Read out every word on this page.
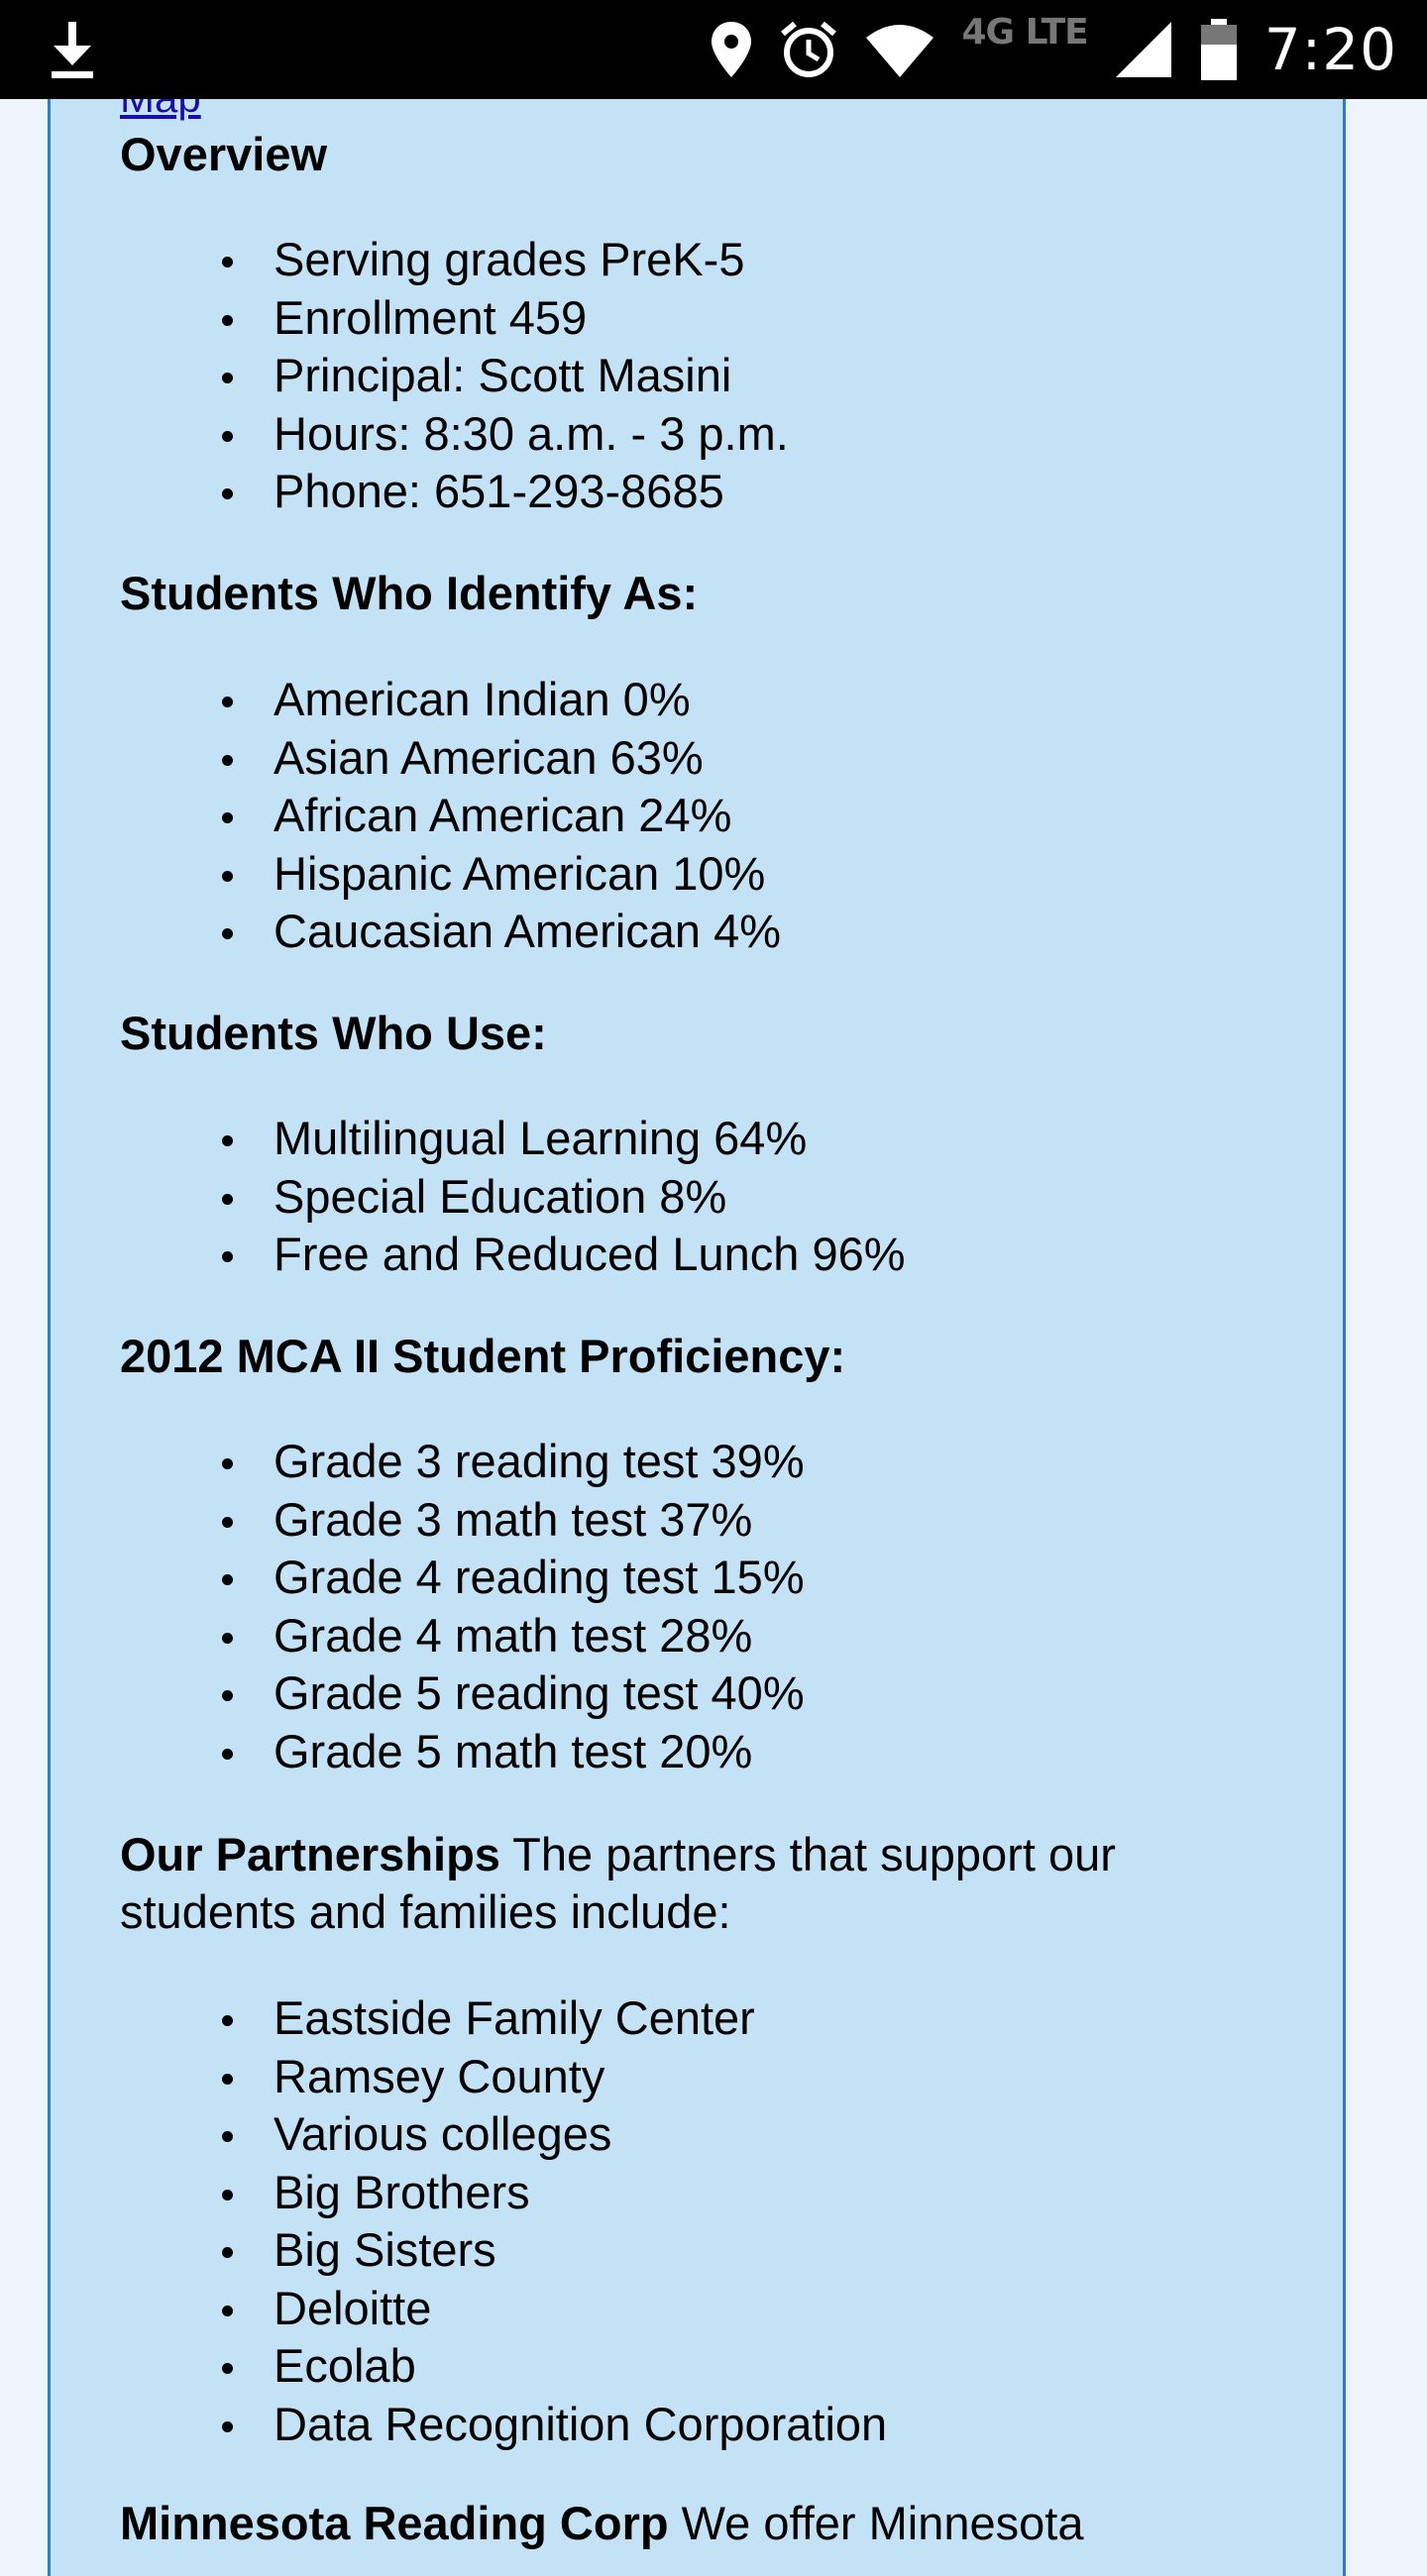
4G LTE	7:20
Overview
Serving grades PreK-5
Enrollment 459
Principal: Scott Masini
Hours: 8:30 a.m. - 3 p.m.
Phone: 651-293-8685
Students Who Identify As:
American Indian 0%
Asian American 63%
African American 24%
Hispanic American 10%
Caucasian American 4%
Students Who Use:
Multilingual Learning 64%
Special Education 8%
Free and Reduced Lunch 96%
2012 MCA II Student Proficiency:
Grade 3 reading test 39%
Grade 3 math test 37%
Grade 4 reading test 15%
Grade 4 math test 28%
Grade 5 reading test 40%
Grade 5 math test 20%
Our Partnerships The partners that support our students and families include:
Eastside Family Center
Ramsey County
Various colleges
Big Brothers
Big Sisters
Deloitte
Ecolab
Data Recognition Corporation
Minnesota Reading Corp We offer Minnesota
